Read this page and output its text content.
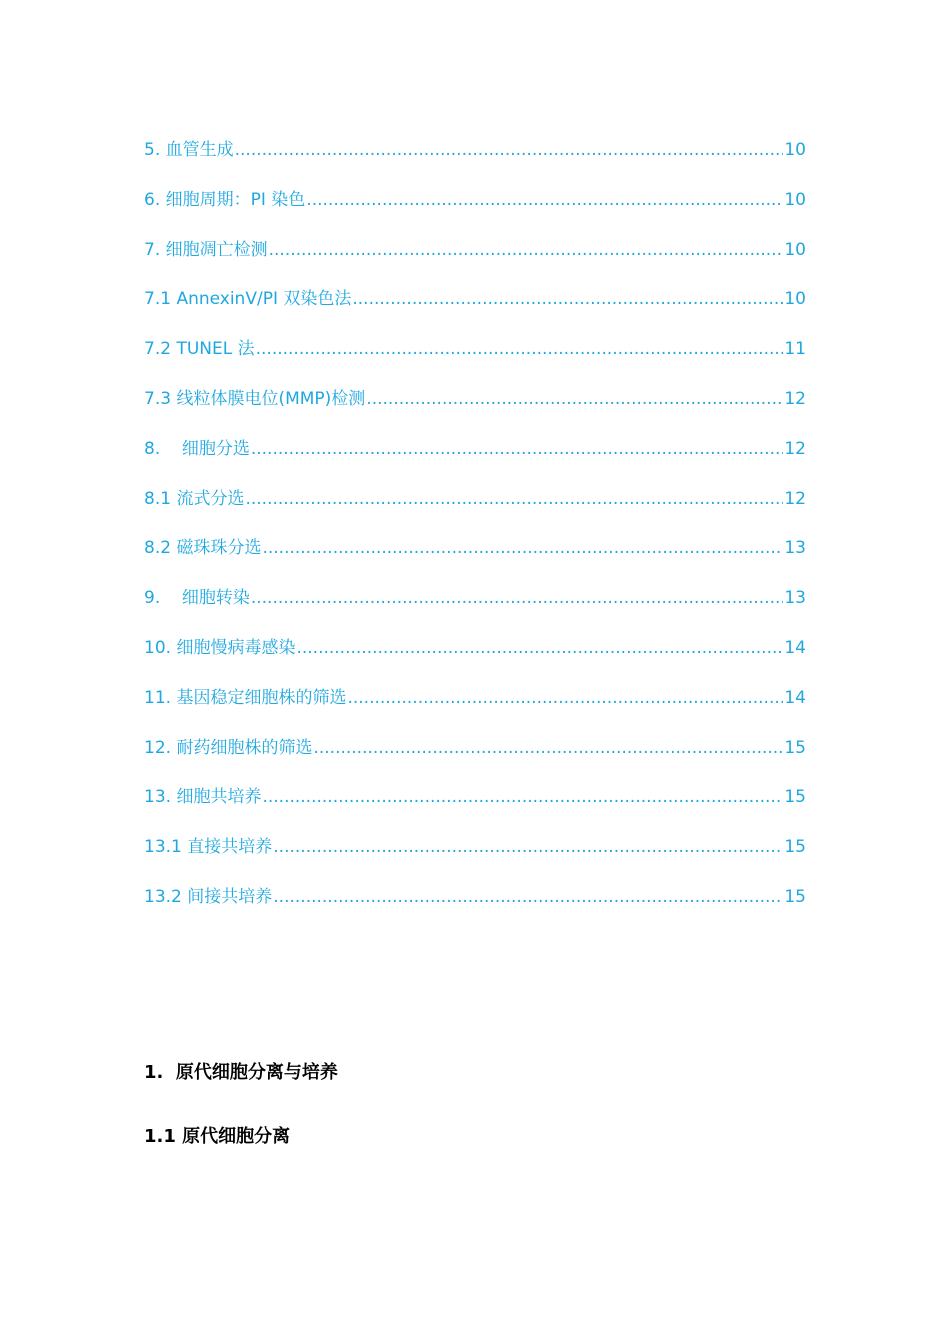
5. 血管生成 .....	10
6. 细胞周期：PI 染色 .....	10
7. 细胞凋亡检测 .....	10
7.1 AnnexinV/PI 双染色法 .....	10
7.2 TUNEL 法 .....	11
7.3 线粒体膜电位(MMP)检测 .....	12
8.    细胞分选 .....	12
8.1 流式分选 .....	12
8.2 磁珠珠分选 .....	13
9.    细胞转染 .....	13
10. 细胞慢病毒感染 .....	14
11. 基因稳定细胞株的筛选 .....	14
12. 耐药细胞株的筛选 .....	15
13. 细胞共培养 .....	15
13.1 直接共培养 .....	15
13.2 间接共培养 .....	15
1.  原代细胞分离与培养
1.1 原代细胞分离
